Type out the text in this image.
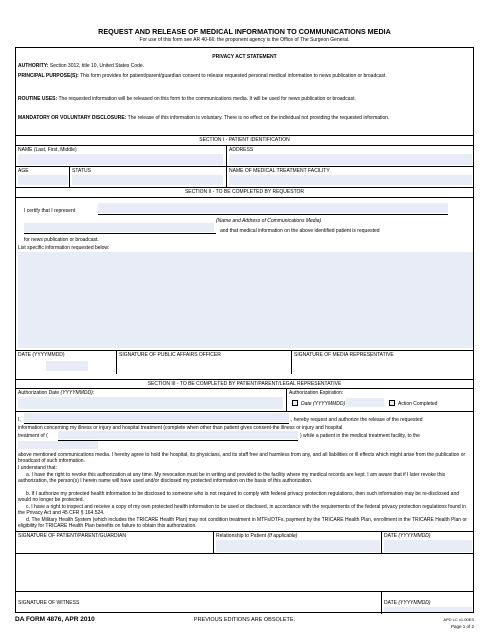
REQUEST AND RELEASE OF MEDICAL INFORMATION TO COMMUNICATIONS MEDIA
For use of this form see AR 40-66; the proponent agency is the Office of The Surgeon General.
PRIVACY ACT STATEMENT
AUTHORITY: Section 3012, title 10, United States Code.
PRINCIPAL PURPOSE(S): This form provides for patient/parent/guardian consent to release requested personal medical information to news publication or broadcast.
ROUTINE USES: The requested information will be released on this form to the communications media. It will be used for news publication or broadcast.
MANDATORY OR VOLUNTARY DISCLOSURE: The release of this information is voluntary. There is no effect on the individual not providing the requested information.
SECTION I - PATIENT IDENTIFICATION
NAME (Last, First, Middle)	ADDRESS
AGE	STATUS	NAME OF MEDICAL TREATMENT FACILITY
SECTION II - TO BE COMPLETED BY REQUESTOR
I certify that I represent
(Name and Address of Communications Media)
and that medical information on the above identified patient is requested
for news publication or broadcast.
List specific information requested below:
DATE (YYYYMMDD)	SIGNATURE OF PUBLIC AFFAIRS OFFICER	SIGNATURE OF MEDIA REPRESENTATIVE
SECTION III - TO BE COMPLETED BY PATIENT/PARENT/LEGAL REPRESENTATIVE
Authorization Date (YYYYMMDD):	Authorization Expiration:
Date (YYYYMMDD)	Action Completed
I,	, hereby request and authorize the release of the requested
information concerning my illness or injury and hospital treatment (complete when other than patient gives consent-the illness or injury and hospital
treatment of (	) while a patient in the medical treatment facility, to the
above mentioned communications media. I hereby agree to hold the hospital, its physicians, and its staff free and harmless from any, and all liabilities or ill effects which might arise from the publication or broadcast of such information.
I understand that:
a. I have the right to revoke this authorization at any time. My revocation must be in writing and provided to the facility where my medical records are kept. I am aware that if I later revoke this authorization, the person(s) I herein name will have used and/or disclosed my protected information on the basis of this authorization.
b. If I authorize my protected health information to be disclosed to someone who is not required to comply with federal privacy protection regulations, then such information may be re-disclosed and would no longer be protected.
c. I have a right to inspect and receive a copy of my own protected health information to be used or disclosed, in accordance with the requirements of the federal privacy protection regulations found in the Privacy Act and 45 CFR § 164.524.
d. The Military Health System (which includes the TRICARE Health Plan) may not condition treatment in MTFs/DTFs, payment by the TRICARE Health Plan, enrollment in the TRICARE Health Plan or eligibility for TRICARE Health Plan benefits on failure to obtain this authorization.
SIGNATURE OF PATIENT/PARENT/GUARDIAN	Relationship to Patient (If applicable)	DATE (YYYYMMDD)
SIGNATURE OF WITNESS	DATE (YYYYMMDD)
DA FORM 4876, APR 2010	PREVIOUS EDITIONS ARE OBSOLETE.	APD LC v1.00ES
Page 1 of 2
